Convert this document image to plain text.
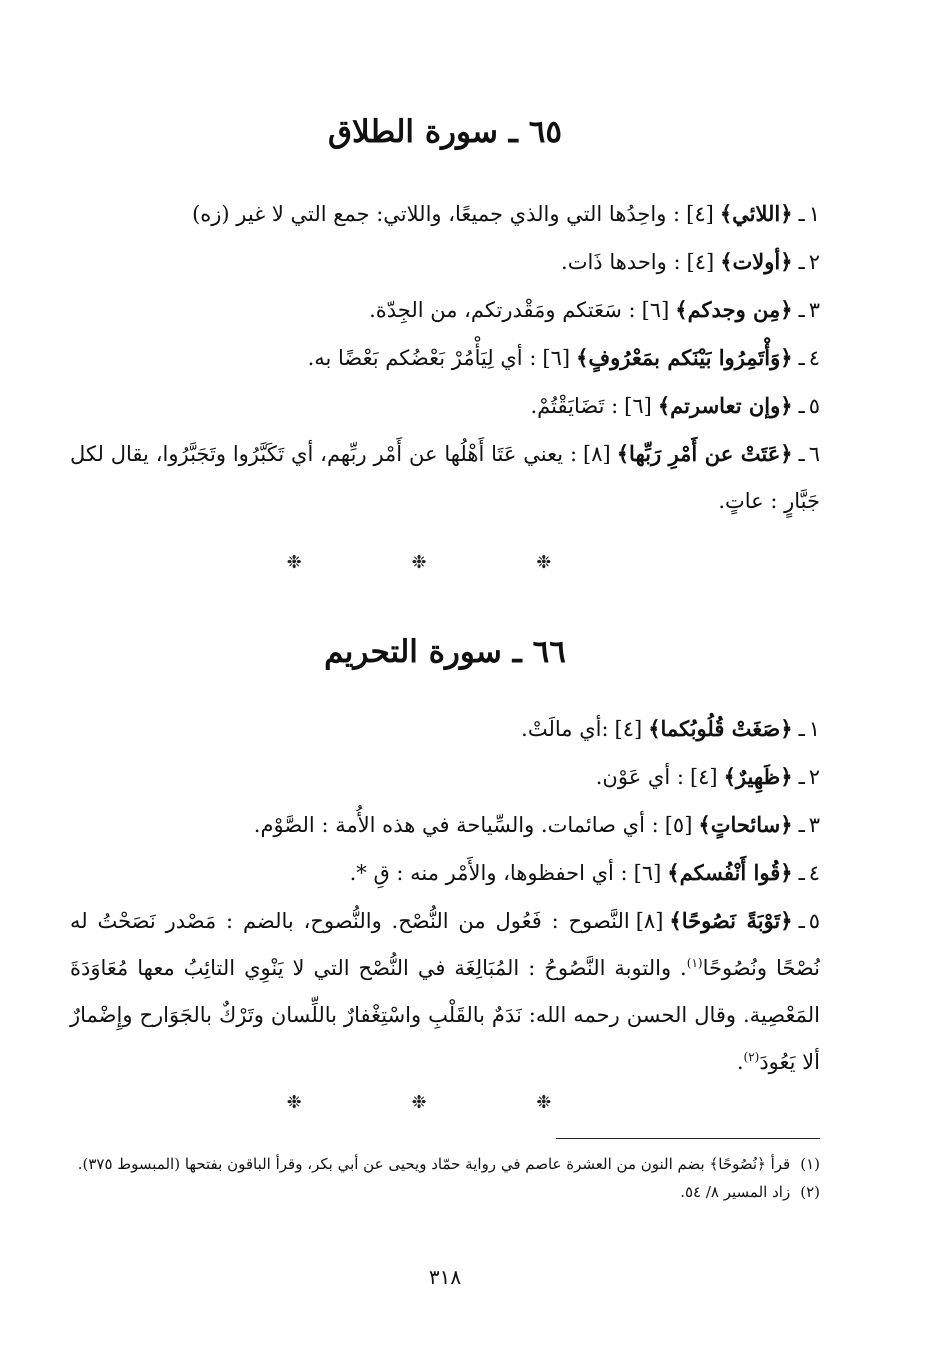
٦٥ ـ سورة الطلاق
١ـ﴿اللائي﴾[٤]: واحِدُها التي والذي جميعًا، واللاتي: جمع التي لا غير (زه)
٢ـ﴿أولات﴾[٤]: واحدها ذَات.
٣ـ﴿مِن وجدكم﴾[٦]: سَعَتكم ومَقْدرتكم، من الجِدّة.
٤ـ﴿وَأْتَمِرُوا بَيْنَكم بمَعْرُوفٍ﴾[٦]: أي لِيَأْمُرْ بَعْضُكم بَعْضًا به.
٥ـ﴿وإن تعاسرتم﴾[٦]: تَضَايَقْتُمْ.
٦ـ﴿عَتَتْ عن أَمْرِ رَبِّها﴾[٨]: يعني عَتَا أَهْلُها عن أَمْر ربِّهم، أي تَكَبَّرُوا وتَجَبَّرُوا، يقال لكل جَبَّارٍ : عاتٍ.
❉ ❉ ❉
٦٦ ـ سورة التحريم
١ـ﴿صَغَتْ قُلُوبُكما﴾[٤]:أي مالَتْ.
٢ـ﴿ظَهِيرٌ﴾[٤]: أي عَوْن.
٣ـ﴿سائحاتٍ﴾[٥]: أي صائمات. والسِّياحة في هذه الأُمة : الصَّوْم.
٤ـ﴿قُوا أَنْفُسكم﴾[٦]: أي احفظوها، والأَمْر منه : قِ *.
٥ـ﴿تَوْبَةً نَصُوحًا﴾[٨]النَّصوح : فَعُول من النُّصْح. والنُّصوح، بالضم : مَصْدر نَصَحْتُ له نُصْحًا ونُصُوحًا$^{(١)}$. والتوبة النَّصُوحُ : المُبَالِغَة في النُّصْح التي لا يَنْوِي التائِبُ معها مُعَاوَدَةَ المَعْصِية. وقال الحسن رحمه الله: نَدَمٌ بالقَلْبِ واسْتِغْفارٌ باللِّسان وتَرْكٌ بالجَوَارح وإِضْمارٌ ألا يَعُودَ$^{(٢)}$.
❉ ❉ ❉

(١)قرأ ﴿نُصُوحًا﴾ بضم النون من العشرة عاصم في رواية حمّاد ويحيى عن أبي بكر، وقرأ الباقون بفتحها (المبسوط ٣٧٥).

(٢)زاد المسير ٨/ ٥٤.

٣١٨
